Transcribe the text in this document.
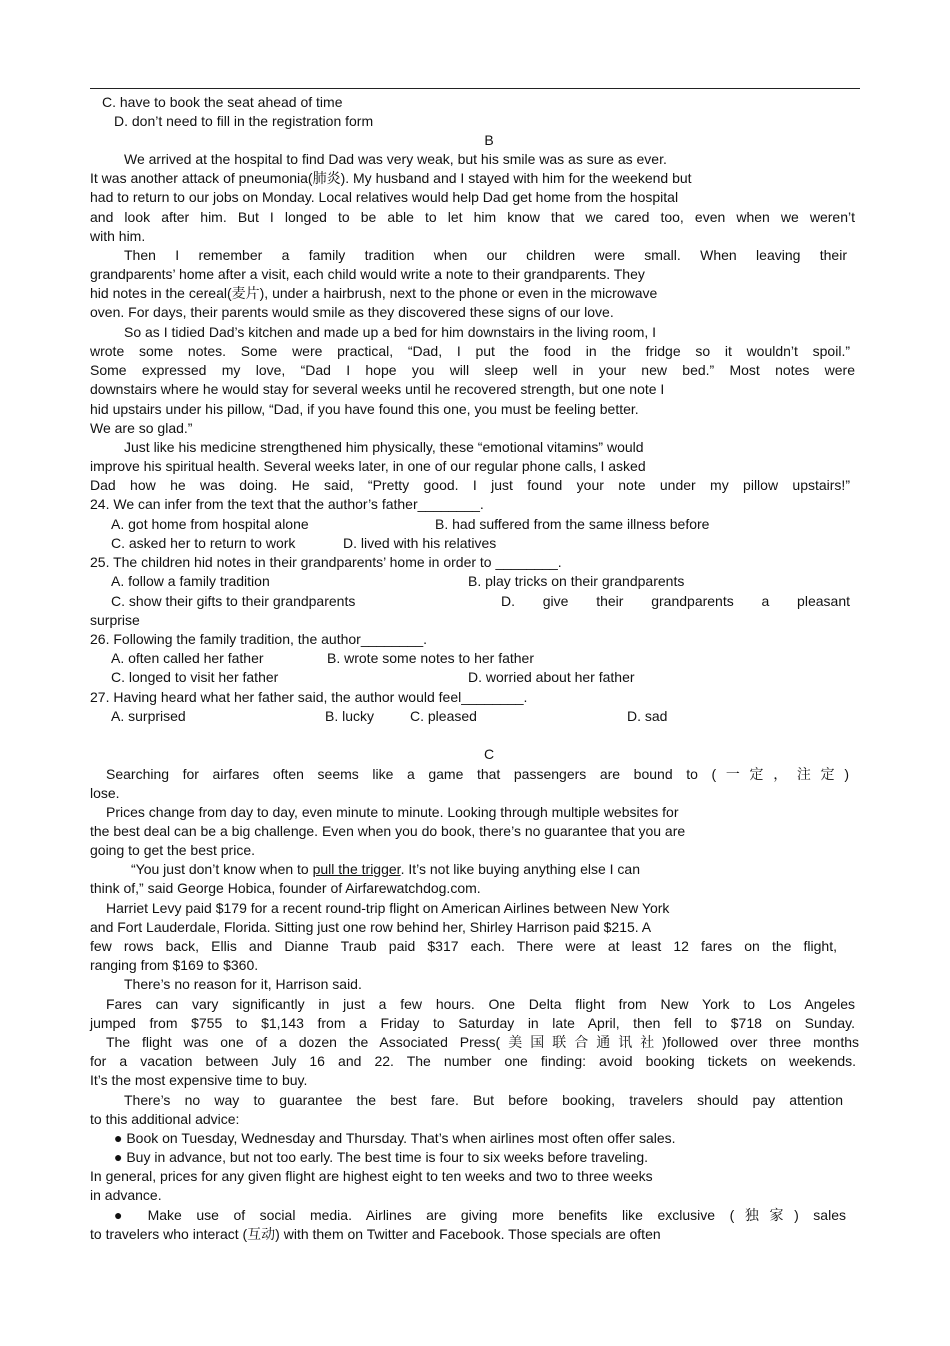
C. have to book the seat ahead of time
D. don’t need to fill in the registration form
B
We arrived at the hospital to find Dad was very weak, but his smile was as sure as ever.
It was another attack of pneumonia(肺炎). My husband and I stayed with him for the weekend but
had to return to our jobs on Monday. Local relatives would help Dad get home from the hospital
and look after him. But I longed to be able to let him know that we cared too, even when we weren’t
with him.
Then I remember a family tradition when our children were small. When leaving their
grandparents’ home after a visit, each child would write a note to their grandparents. They
hid notes in the cereal(麦片), under a hairbrush, next to the phone or even in the microwave
oven. For days, their parents would smile as they discovered these signs of our love.
So as I tidied Dad’s kitchen and made up a bed for him downstairs in the living room, I
wrote some notes. Some were practical, “Dad, I put the food in the fridge so it wouldn’t spoil.”
Some expressed my love, “Dad I hope you will sleep well in your new bed.” Most notes were
downstairs where he would stay for several weeks until he recovered strength, but one note I
hid upstairs under his pillow, “Dad, if you have found this one, you must be feeling better.
We are so glad.”
Just like his medicine strengthened him physically, these “emotional vitamins” would
improve his spiritual health. Several weeks later, in one of our regular phone calls, I asked
Dad how he was doing. He said, “Pretty good. I just found your note under my pillow upstairs!”
24. We can infer from the text that the author’s father________.
A. got home from hospital alone	B. had suffered from the same illness before
C. asked her to return to work	D. lived with his relatives
25. The children hid notes in their grandparents’ home in order to ________.
A. follow a family tradition	B. play tricks on their grandparents
C. show their gifts to their grandparents	D. give their grandparents a pleasant
surprise
26. Following the family tradition, the author________.
A. often called her father	B. wrote some notes to her father
C. longed to visit her father	D. worried about her father
27. Having heard what her father said, the author would feel________.
A. surprised	B. lucky	C. pleased	D. sad
C
Searching for airfares often seems like a game that passengers are bound to (一定，注定)
lose.
Prices change from day to day, even minute to minute. Looking through multiple websites for
the best deal can be a big challenge. Even when you do book, there’s no guarantee that you are
going to get the best price.
“You just don’t know when to pull the trigger. It’s not like buying anything else I can
think of,” said George Hobica, founder of Airfarewatchdog.com.
Harriet Levy paid $179 for a recent round-trip flight on American Airlines between New York
and Fort Lauderdale, Florida. Sitting just one row behind her, Shirley Harrison paid $215. A
few rows back, Ellis and Dianne Traub paid $317 each. There were at least 12 fares on the flight,
ranging from $169 to $360.
There’s no reason for it, Harrison said.
Fares can vary significantly in just a few hours. One Delta flight from New York to Los Angeles
jumped from $755 to $1,143 from a Friday to Saturday in late April, then fell to $718 on Sunday.
The flight was one of a dozen the Associated Press(美国联合通讯社)followed over three months
for a vacation between July 16 and 22. The number one finding: avoid booking tickets on weekends.
It’s the most expensive time to buy.
There’s no way to guarantee the best fare. But before booking, travelers should pay attention
to this additional advice:
● Book on Tuesday, Wednesday and Thursday. That’s when airlines most often offer sales.
● Buy in advance, but not too early. The best time is four to six weeks before traveling.
In general, prices for any given flight are highest eight to ten weeks and two to three weeks
in advance.
● Make use of social media. Airlines are giving more benefits like exclusive (独家) sales
to travelers who interact (互动) with them on Twitter and Facebook. Those specials are often
